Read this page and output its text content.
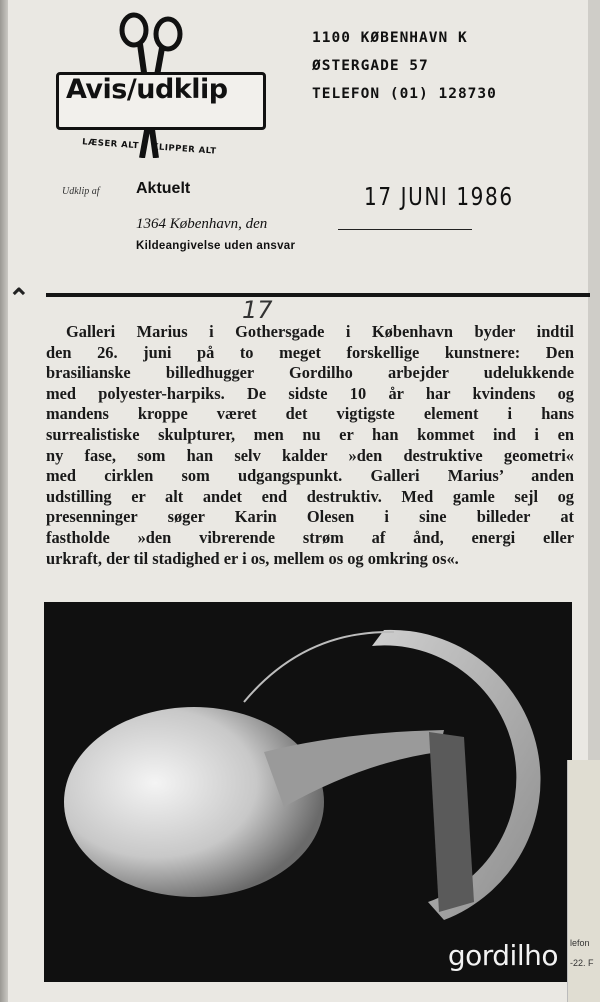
Avis/udklip
LÆSER ALT • KLIPPER ALT
1100 KØBENHAVN K
ØSTERGADE 57
TELEFON (01) 128730
Udklip af Aktuelt	17 JUNI 1986
1364 København, den
Kildeangivelse uden ansvar
⌃	17
Galleri Marius i Gothersgade i København byder indtil
den 26. juni på to meget forskellige kunstnere: Den
brasilianske billedhugger Gordilho arbejder udelukkende
med polyester-harpiks. De sidste 10 år har kvindens og
mandens kroppe været det vigtigste element i hans
surrealistiske skulpturer, men nu er han kommet ind i en
ny fase, som han selv kalder »den destruktive geometri«
med cirklen som udgangspunkt. Galleri Marius’ anden
udstilling er alt andet end destruktiv. Med gamle sejl og
presenninger søger Karin Olesen i sine billeder at
fastholde »den vibrerende strøm af ånd, energi eller
urkraft, der til stadighed er i os, mellem os og omkring os«.
gordilho lefon
-22. F
